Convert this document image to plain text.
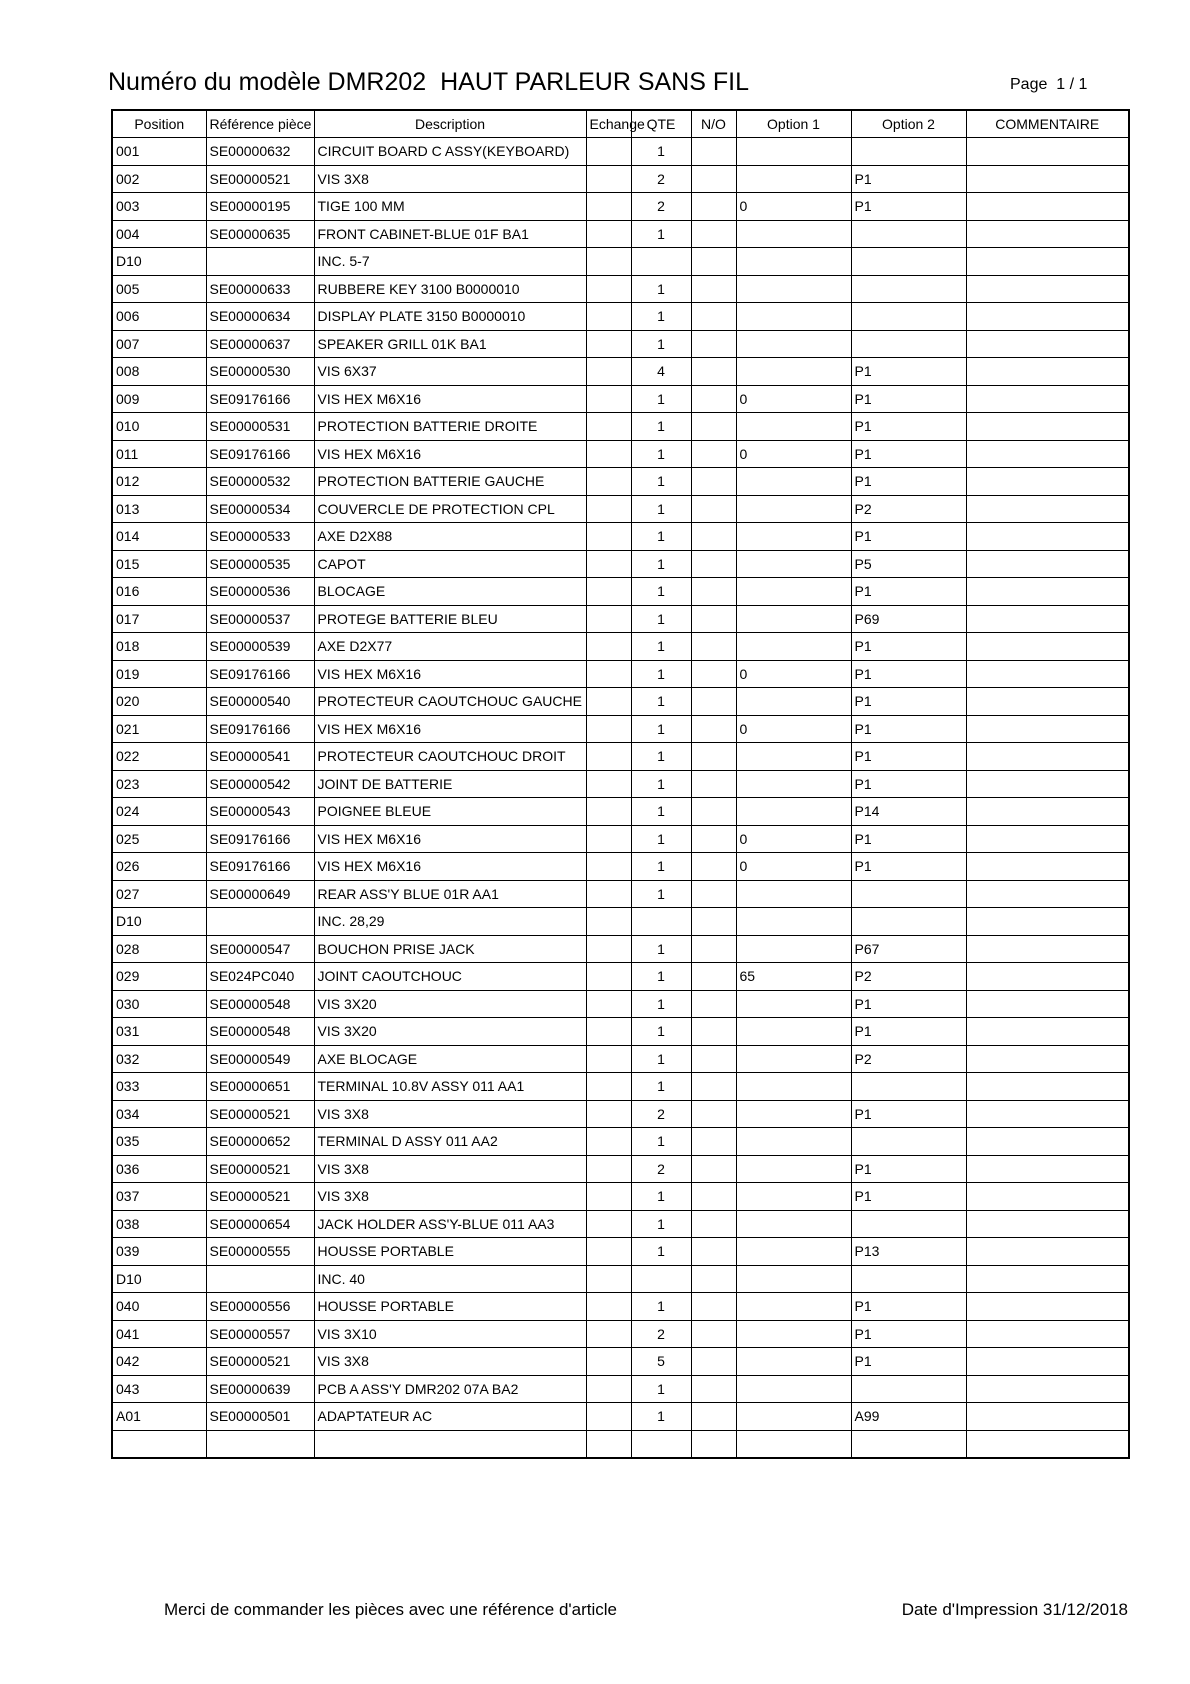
Numéro du modèle DMR202  HAUT PARLEUR SANS FIL	Page  1 / 1
Position	Référence pièce	Description	Echange	QTE	N/O	Option 1	Option 2	COMMENTAIRE
001	SE00000632	CIRCUIT BOARD C ASSY(KEYBOARD)		1				
002	SE00000521	VIS 3X8		2			P1	
003	SE00000195	TIGE 100 MM		2		0	P1	
004	SE00000635	FRONT CABINET-BLUE 01F BA1		1				
D10		INC. 5-7						
005	SE00000633	RUBBERE KEY 3100 B0000010		1				
006	SE00000634	DISPLAY PLATE 3150 B0000010		1				
007	SE00000637	SPEAKER GRILL 01K BA1		1				
008	SE00000530	VIS 6X37		4			P1	
009	SE09176166	VIS HEX M6X16		1		0	P1	
010	SE00000531	PROTECTION BATTERIE DROITE		1			P1	
011	SE09176166	VIS HEX M6X16		1		0	P1	
012	SE00000532	PROTECTION BATTERIE GAUCHE		1			P1	
013	SE00000534	COUVERCLE DE PROTECTION CPL		1			P2	
014	SE00000533	AXE D2X88		1			P1	
015	SE00000535	CAPOT		1			P5	
016	SE00000536	BLOCAGE		1			P1	
017	SE00000537	PROTEGE BATTERIE BLEU		1			P69	
018	SE00000539	AXE D2X77		1			P1	
019	SE09176166	VIS HEX M6X16		1		0	P1	
020	SE00000540	PROTECTEUR CAOUTCHOUC GAUCHE		1			P1	
021	SE09176166	VIS HEX M6X16		1		0	P1	
022	SE00000541	PROTECTEUR CAOUTCHOUC DROIT		1			P1	
023	SE00000542	JOINT DE BATTERIE		1			P1	
024	SE00000543	POIGNEE BLEUE		1			P14	
025	SE09176166	VIS HEX M6X16		1		0	P1	
026	SE09176166	VIS HEX M6X16		1		0	P1	
027	SE00000649	REAR ASS'Y BLUE 01R AA1		1				
D10		INC. 28,29						
028	SE00000547	BOUCHON PRISE JACK		1			P67	
029	SE024PC040	JOINT CAOUTCHOUC		1		65	P2	
030	SE00000548	VIS 3X20		1			P1	
031	SE00000548	VIS 3X20		1			P1	
032	SE00000549	AXE BLOCAGE		1			P2	
033	SE00000651	TERMINAL 10.8V ASSY 011 AA1		1				
034	SE00000521	VIS 3X8		2			P1	
035	SE00000652	TERMINAL D ASSY 011 AA2		1				
036	SE00000521	VIS 3X8		2			P1	
037	SE00000521	VIS 3X8		1			P1	
038	SE00000654	JACK HOLDER ASS'Y-BLUE 011 AA3		1				
039	SE00000555	HOUSSE PORTABLE		1			P13	
D10		INC. 40						
040	SE00000556	HOUSSE PORTABLE		1			P1	
041	SE00000557	VIS 3X10		2			P1	
042	SE00000521	VIS 3X8		5			P1	
043	SE00000639	PCB A ASS'Y DMR202 07A BA2		1				
A01	SE00000501	ADAPTATEUR AC		1			A99	

Merci de commander les pièces avec une référence d'article	Date d'Impression 31/12/2018
